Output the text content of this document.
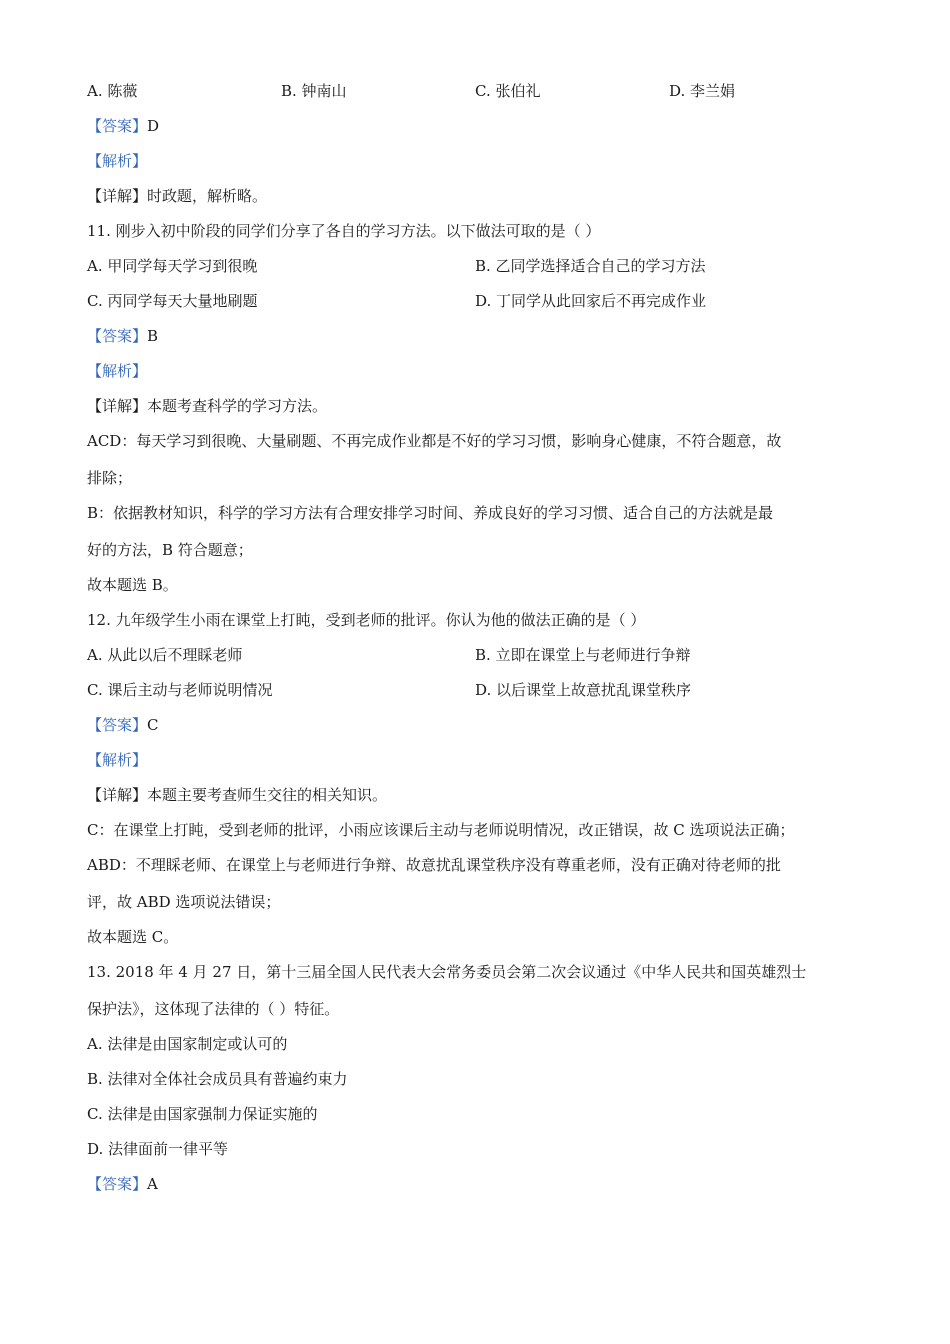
A. 陈薇	B. 钟南山	C. 张伯礼	D. 李兰娟
【答案】D
【解析】
【详解】时政题，解析略。
11. 刚步入初中阶段的同学们分享了各自的学习方法。以下做法可取的是（ ）
A. 甲同学每天学习到很晚	B. 乙同学选择适合自己的学习方法
C. 丙同学每天大量地刷题	D. 丁同学从此回家后不再完成作业
【答案】B
【解析】
【详解】本题考查科学的学习方法。
ACD：每天学习到很晚、大量刷题、不再完成作业都是不好的学习习惯，影响身心健康，不符合题意，故
排除；
B：依据教材知识，科学的学习方法有合理安排学习时间、养成良好的学习习惯、适合自己的方法就是最
好的方法，B 符合题意；
故本题选 B。
12. 九年级学生小雨在课堂上打盹，受到老师的批评。你认为他的做法正确的是（ ）
A. 从此以后不理睬老师	B. 立即在课堂上与老师进行争辩
C. 课后主动与老师说明情况	D. 以后课堂上故意扰乱课堂秩序
【答案】C
【解析】
【详解】本题主要考查师生交往的相关知识。
C：在课堂上打盹，受到老师的批评，小雨应该课后主动与老师说明情况，改正错误，故 C 选项说法正确；
ABD：不理睬老师、在课堂上与老师进行争辩、故意扰乱课堂秩序没有尊重老师，没有正确对待老师的批
评，故 ABD 选项说法错误；
故本题选 C。
13. 2018 年 4 月 27 日，第十三届全国人民代表大会常务委员会第二次会议通过《中华人民共和国英雄烈士
保护法》，这体现了法律的（ ）特征。
A. 法律是由国家制定或认可的
B. 法律对全体社会成员具有普遍约束力
C. 法律是由国家强制力保证实施的
D. 法律面前一律平等
【答案】A
